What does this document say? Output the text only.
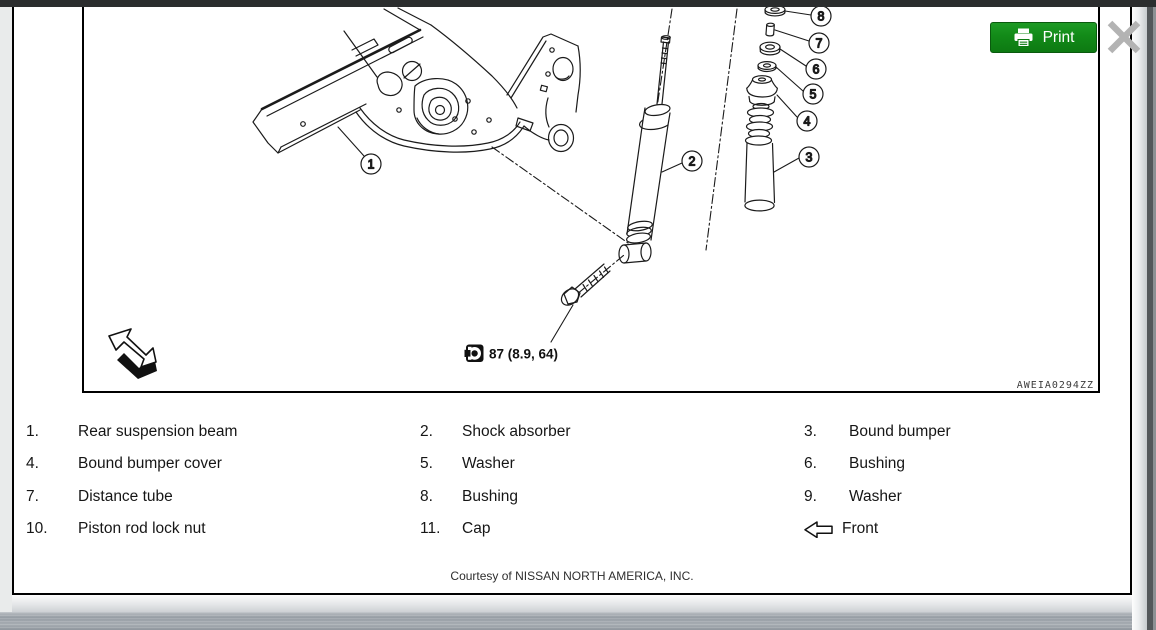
1	2	3
4
5
6
7
8
87 (8.9, 64)
AWEIA0294ZZ
Print
1.	Rear suspension beam	2.	Shock absorber	3.	Bound bumper
4.	Bound bumper cover	5.	Washer	6.	Bushing
7.	Distance tube	8.	Bushing	9.	Washer
10.	Piston rod lock nut	11.	Cap	Front
Courtesy of NISSAN NORTH AMERICA, INC.
